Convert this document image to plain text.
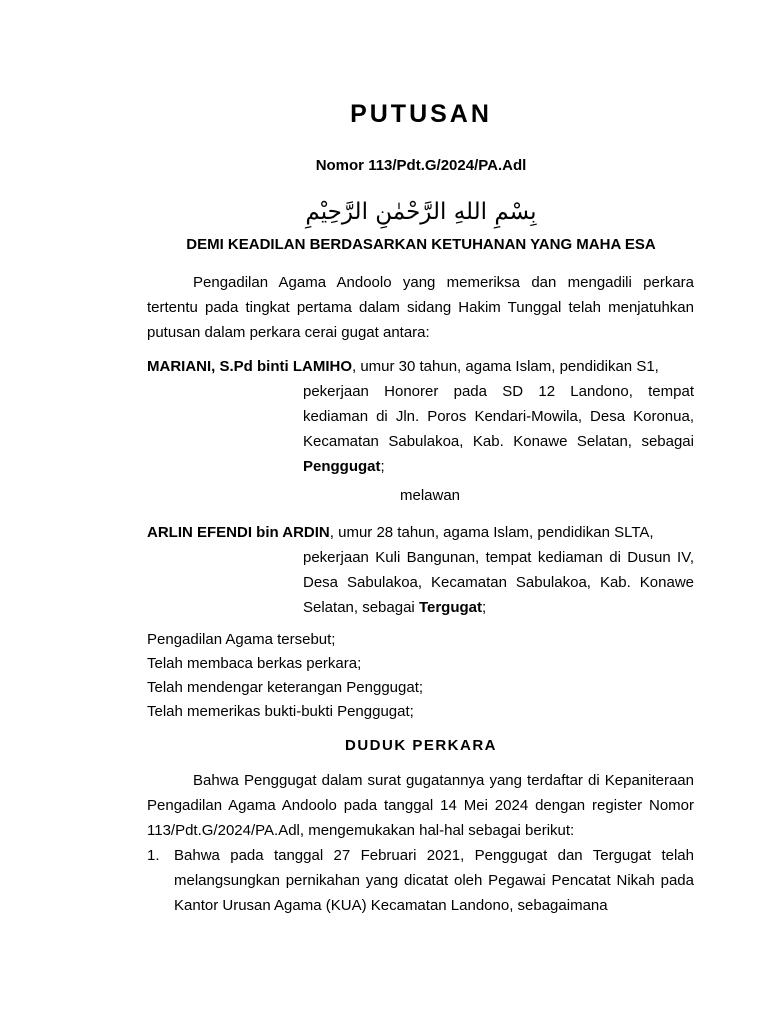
PUTUSAN
Nomor 113/Pdt.G/2024/PA.Adl
بِسْمِ اللهِ الرَّحْمٰنِ الرَّحِيْمِ
DEMI KEADILAN BERDASARKAN KETUHANAN YANG MAHA ESA

Pengadilan Agama Andoolo yang memeriksa dan mengadili perkara tertentu pada tingkat pertama dalam sidang Hakim Tunggal telah menjatuhkan putusan dalam perkara cerai gugat antara:

MARIANI, S.Pd binti LAMIHO, umur 30 tahun, agama Islam, pendidikan S1,
pekerjaan Honorer pada SD 12 Landono, tempat kediaman di Jln. Poros Kendari-Mowila, Desa Koronua, Kecamatan Sabulakoa, Kab. Konawe Selatan, sebagai Penggugat;
melawan
ARLIN EFENDI bin ARDIN, umur 28 tahun, agama Islam, pendidikan SLTA,
pekerjaan Kuli Bangunan, tempat kediaman di Dusun IV, Desa Sabulakoa, Kecamatan Sabulakoa, Kab. Konawe Selatan, sebagai Tergugat;
Pengadilan Agama tersebut;
Telah membaca berkas perkara;
Telah mendengar keterangan Penggugat;
Telah memerikas bukti-bukti Penggugat;
DUDUK PERKARA

Bahwa Penggugat dalam surat gugatannya yang terdaftar di Kepaniteraan Pengadilan Agama Andoolo pada tanggal 14 Mei 2024 dengan register Nomor 113/Pdt.G/2024/PA.Adl, mengemukakan hal-hal sebagai berikut:

1. Bahwa pada tanggal 27 Februari 2021, Penggugat dan Tergugat telah melangsungkan pernikahan yang dicatat oleh Pegawai Pencatat Nikah pada Kantor Urusan Agama (KUA) Kecamatan Landono, sebagaimana
